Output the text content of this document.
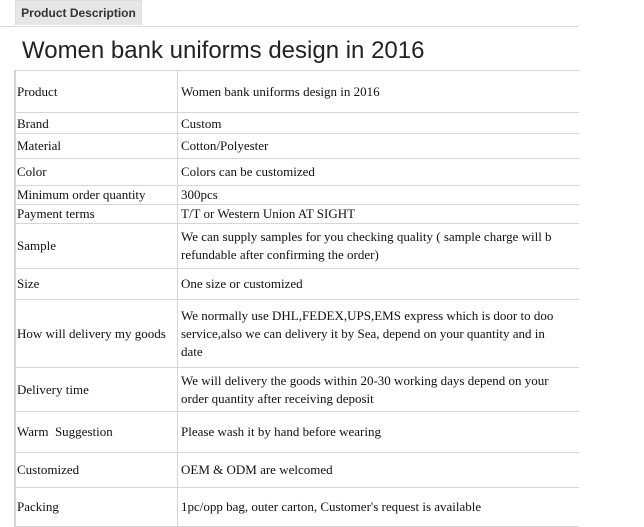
Product Description
Women bank uniforms design in 2016
Product	Women bank uniforms design in 2016
Brand	Custom
Material	Cotton/Polyester
Color	Colors can be customized
Minimum order quantity	300pcs
Payment terms	T/T or Western Union AT SIGHT
Sample	We can supply samples for you checking quality ( sample charge will b
refundable after confirming the order)

Size	One size or customized
How will delivery my goods	We normally use DHL,FEDEX,UPS,EMS express which is door to doo
service,also we can delivery it by Sea, depend on your quantity and in
date

Delivery time	We will delivery the goods within 20-30 working days depend on your
order quantity after receiving deposit

Warm  Suggestion	Please wash it by hand before wearing
Customized	OEM & ODM are welcomed
Packing	1pc/opp bag, outer carton, Customer's request is available
